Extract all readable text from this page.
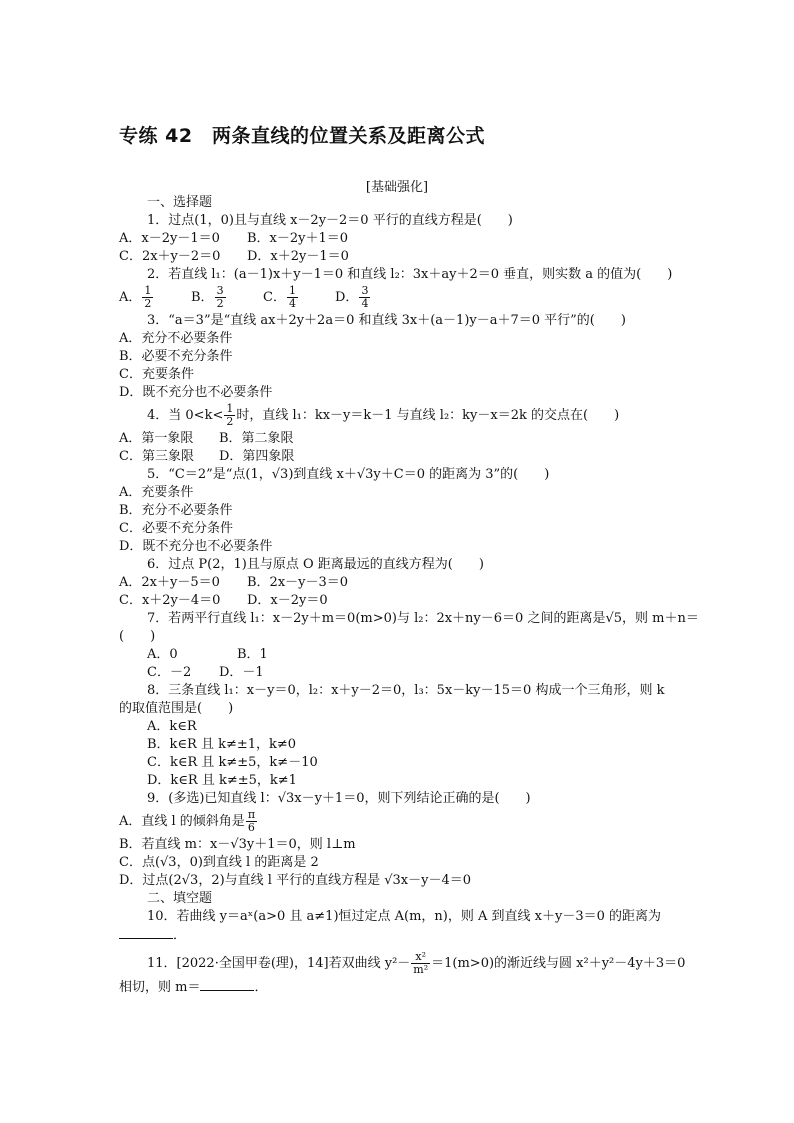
专练 42　两条直线的位置关系及距离公式
[基础强化]
一、选择题
1．过点(1，0)且与直线 x－2y－2＝0 平行的直线方程是(　　)
A．x－2y－1＝0 B．x－2y＋1＝0
C．2x＋y－2＝0 D．x＋2y－1＝0
2．若直线 l₁：(a－1)x＋y－1＝0 和直线 l₂：3x＋ay＋2＝0 垂直，则实数 a 的值为(　　)
A． $\frac{1}{2}$	B． $\frac{3}{2}$	C． $\frac{1}{4}$	D． $\frac{3}{4}$
3．“a＝3”是“直线 ax＋2y＋2a＝0 和直线 3x＋(a－1)y－a＋7＝0 平行”的(　　)
A．充分不必要条件
B．必要不充分条件
C．充要条件
D．既不充分也不必要条件
4．当 $0<k< \frac{1}{2}$ 时，直线 l₁：kx－y＝k－1 与直线 l₂：ky－x＝2k 的交点在(　　)
A．第一象限 B．第二象限
C．第三象限 D．第四象限
5．“C＝2”是“点(1，√3)到直线 x＋√3y＋C＝0 的距离为 3”的(　　)
A．充要条件
B．充分不必要条件
C．必要不充分条件
D．既不充分也不必要条件
6．过点 P(2，1)且与原点 O 距离最远的直线方程为(　　)
A．2x＋y－5＝0 B．2x－y－3＝0
C．x＋2y－4＝0 D．x－2y＝0
7．若两平行直线 l₁：x－2y＋m＝0(m>0)与 l₂：2x＋ny－6＝0 之间的距离是√5，则 m＋n＝
(　　)
A．0	B．1
C．－2 D．－1
8．三条直线 l₁：x－y＝0，l₂：x＋y－2＝0，l₃：5x－ky－15＝0 构成一个三角形，则 k
的取值范围是(　　)
A．k∈R
B．k∈R 且 k≠±1，k≠0
C．k∈R 且 k≠±5，k≠－10
D．k∈R 且 k≠±5，k≠1
9．(多选)已知直线 l：√3x－y＋1＝0，则下列结论正确的是(　　)
A．直线 l 的倾斜角是 $\frac{\pi}{6}$
B．若直线 m：x－√3y＋1＝0，则 l⊥m
C．点(√3，0)到直线 l 的距离是 2
D．过点(2√3，2)与直线 l 平行的直线方程是 √3x－y－4＝0
二、填空题
10．若曲线 y＝aˣ(a>0 且 a≠1)恒过定点 A(m，n)，则 A 到直线 x＋y－3＝0 的距离为
．
11．[2022·全国甲卷(理)，14]若双曲线 $y^2- \frac{\text{x²}}{\text{m²}} =1(m>0)$的渐近线与圆 x²＋y²－4y＋3＝0
相切，则 m＝	．
